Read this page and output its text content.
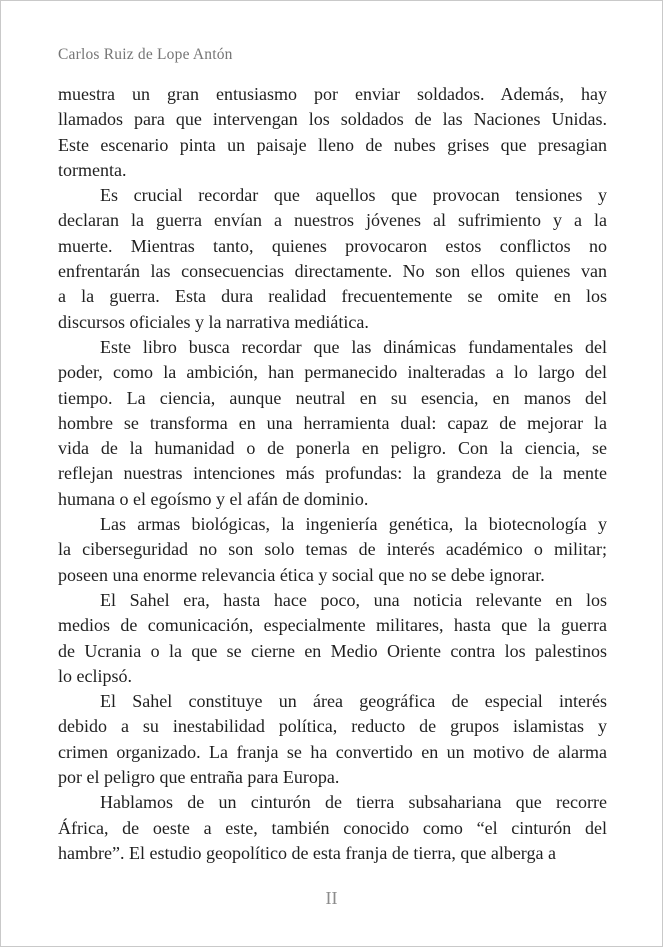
Carlos Ruiz de Lope Antón
muestra un gran entusiasmo por enviar soldados. Además, hay
llamados para que intervengan los soldados de las Naciones Unidas.
Este escenario pinta un paisaje lleno de nubes grises que presagian
tormenta.
Es crucial recordar que aquellos que provocan tensiones y
declaran la guerra envían a nuestros jóvenes al sufrimiento y a la
muerte. Mientras tanto, quienes provocaron estos conflictos no
enfrentarán las consecuencias directamente. No son ellos quienes van
a la guerra. Esta dura realidad frecuentemente se omite en los
discursos oficiales y la narrativa mediática.
Este libro busca recordar que las dinámicas fundamentales del
poder, como la ambición, han permanecido inalteradas a lo largo del
tiempo. La ciencia, aunque neutral en su esencia, en manos del
hombre se transforma en una herramienta dual: capaz de mejorar la
vida de la humanidad o de ponerla en peligro. Con la ciencia, se
reflejan nuestras intenciones más profundas: la grandeza de la mente
humana o el egoísmo y el afán de dominio.
Las armas biológicas, la ingeniería genética, la biotecnología y
la ciberseguridad no son solo temas de interés académico o militar;
poseen una enorme relevancia ética y social que no se debe ignorar.
El Sahel era, hasta hace poco, una noticia relevante en los
medios de comunicación, especialmente militares, hasta que la guerra
de Ucrania o la que se cierne en Medio Oriente contra los palestinos
lo eclipsó.
El Sahel constituye un área geográfica de especial interés
debido a su inestabilidad política, reducto de grupos islamistas y
crimen organizado. La franja se ha convertido en un motivo de alarma
por el peligro que entraña para Europa.
Hablamos de un cinturón de tierra subsahariana que recorre
África, de oeste a este, también conocido como “el cinturón del
hambre”. El estudio geopolítico de esta franja de tierra, que alberga a
II
